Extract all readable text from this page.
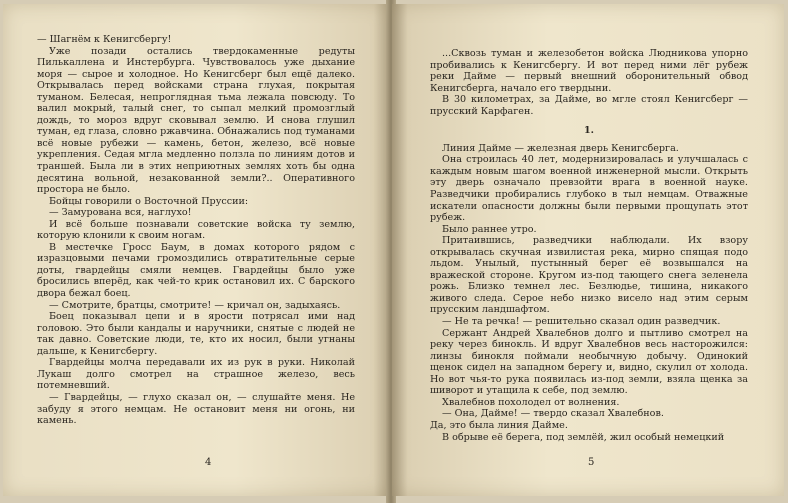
— Шагнём к Кенигсбергу!

Уже позади остались твердокаменные редуты Пилькаллена и Инстербурга. Чувствовалось уже дыхание моря — сырое и холодное. Но Кенигсберг был ещё далеко. Открывалась перед войсками страна глухая, покрытая туманом. Белесая, непроглядная тьма лежала повсюду. То валил мокрый, талый снег, то сыпал мелкий промозглый дождь, то мороз вдруг сковывал землю. И снова глушил туман, ед глаза, словно ржавчина. Обнажались под туманами всё новые рубежи — камень, бетон, железо, всё новые укрепления. Седая мгла медленно ползла по линиям дотов и траншей. Была ли в этих неприютных землях хоть бы одна десятина вольной, незакованной земли?.. Оперативного простора не было.

Бойцы говорили о Восточной Пруссии:

— Замурована вся, наглухо!

И всё больше познавали советские войска ту землю, которую клонили к своим ногам.

В местечке Гросс Баум, в домах которого рядом с изразцовыми печами громоздились отвратительные серые доты, гвардейцы смяли немцев. Гвардейцы было уже бросились вперёд, как чей-то крик остановил их. С барского двора бежал боец.

— Смотрите, братцы, смотрите! — кричал он, задыхаясь.

Боец показывал цепи и в ярости потрясал ими над головою. Это были кандалы и наручники, снятые с людей не так давно. Советские люди, те, кто их носил, были угнаны дальше, к Кенигсбергу.

Гвардейцы молча передавали их из рук в руки. Николай Лукаш долго смотрел на страшное железо, весь потемневший.

— Гвардейцы, — глухо сказал он, — слушайте меня. Не забуду я этого немцам. Не остановит меня ни огонь, ни камень.

4

...Сквозь туман и железобетон войска Людникова упорно пробивались к Кенигсбергу. И вот перед ними лёг рубеж реки Дайме — первый внешний оборонительный обвод Кенигсберга, начало его твердыни.

В 30 километрах, за Дайме, во мгле стоял Кенигсберг — прусский Карфаген.

1.

Линия Дайме — железная дверь Кенигсберга.

Она строилась 40 лет, модернизировалась и улучшалась с каждым новым шагом военной инженерной мысли. Открыть эту дверь означало превзойти врага в военной науке. Разведчики пробирались глубоко в тыл немцам. Отважные искатели опасности должны были первыми прощупать этот рубеж.

Было раннее утро.

Притаившись, разведчики наблюдали. Их взору открывалась скучная извилистая река, мирно спящая подо льдом. Унылый, пустынный берег её возвышался на вражеской стороне. Кругом из-под тающего снега зеленела рожь. Близко темнел лес. Безлюдье, тишина, никакого живого следа. Серое небо низко висело над этим серым прусским ландшафтом.

— Не та речка! — решительно сказал один разведчик.

Сержант Андрей Хвалебнов долго и пытливо смотрел на реку через бинокль. И вдруг Хвалебнов весь насторожился: линзы бинокля поймали необычную добычу. Одинокий щенок сидел на западном берегу и, видно, скулил от холода. Но вот чья-то рука появилась из-под земли, взяла щенка за шиворот и утащила к себе, под землю.

Хвалебнов похолодел от волнения.

— Она, Дайме! — твердо сказал Хвалебнов.

Да, это была линия Дайме.

В обрыве её берега, под землёй, жил особый немецкий

5
